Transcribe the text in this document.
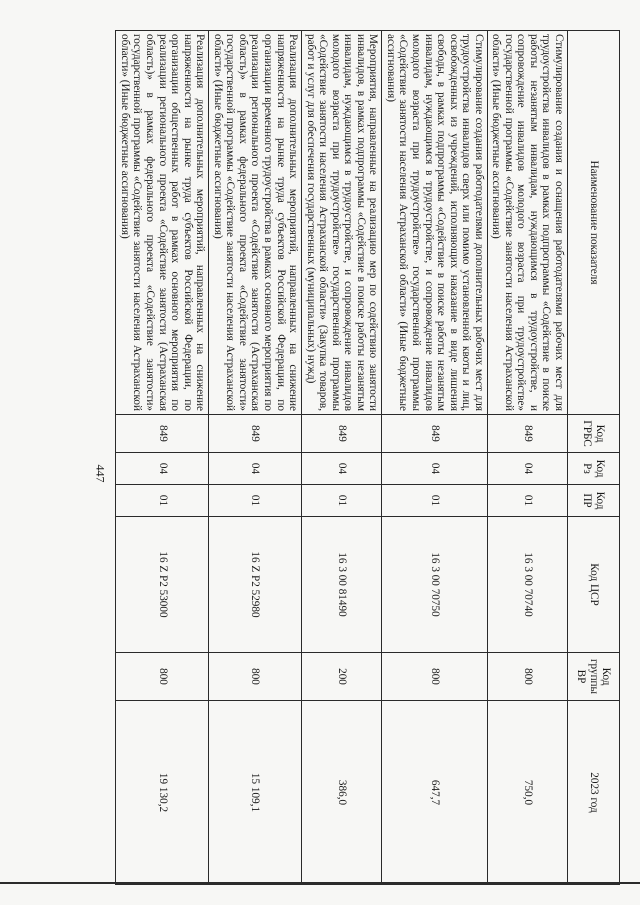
447
Наименование показателя	Код ГРБС	Код Рз	Код ПР	Код ЦСР	Код группы ВР	2023 год
Стимулирование создания и оснащения работодателями рабочих мест для трудоустройства инвалидов в рамках подпрограммы «Содействие в поиске работы незанятым инвалидам, нуждающимся в трудоустройстве, и сопровождение инвалидов молодого возраста при трудоустройстве» государственной программы «Содействие занятости населения Астраханской области» (Иные бюджетные ассигнования)	849	04	01	16 3 00 70740	800	750,0
Стимулирование создания работодателями дополнительных рабочих мест для трудоустройства инвалидов сверх или помимо установленной квоты и лиц, освобожденных из учреждений, исполняющих наказание в виде лишения свободы, в рамках подпрограммы «Содействие в поиске работы незанятым инвалидам, нуждающимся в трудоустройстве, и сопровождение инвалидов молодого возраста при трудоустройстве» государственной программы «Содействие занятости населения Астраханской области» (Иные бюджетные ассигнования)	849	04	01	16 3 00 70750	800	647,7
Мероприятия, направленные на реализацию мер по содействию занятости инвалидов, в рамках подпрограммы «Содействие в поиске работы незанятым инвалидам, нуждающимся в трудоустройстве, и сопровождение инвалидов молодого возраста при трудоустройстве» государственной программы «Содействие занятости населения Астраханской области» (Закупка товаров, работ и услуг для обеспечения государственных (муниципальных) нужд)	849	04	01	16 3 00 81490	200	386,0
Реализация дополнительных мероприятий, направленных на снижение напряженности на рынке труда субъектов Российской Федерации, по организации временного трудоустройства в рамках основного мероприятия по реализации регионального проекта «Содействие занятости (Астраханская область)» в рамках федерального проекта «Содействие занятости» государственной программы «Содействие занятости населения Астраханской области» (Иные бюджетные ассигнования)	849	04	01	16 Z P2 52980	800	15 109,1
Реализация дополнительных мероприятий, направленных на снижение напряженности на рынке труда субъектов Российской Федерации, по организации общественных работ в рамках основного мероприятия по реализации регионального проекта «Содействие занятости (Астраханская область)» в рамках федерального проекта «Содействие занятости» государственной программы «Содействие занятости населения Астраханской области» (Иные бюджетные ассигнования)	849	04	01	16 Z P2 53000	800	19 130,2
